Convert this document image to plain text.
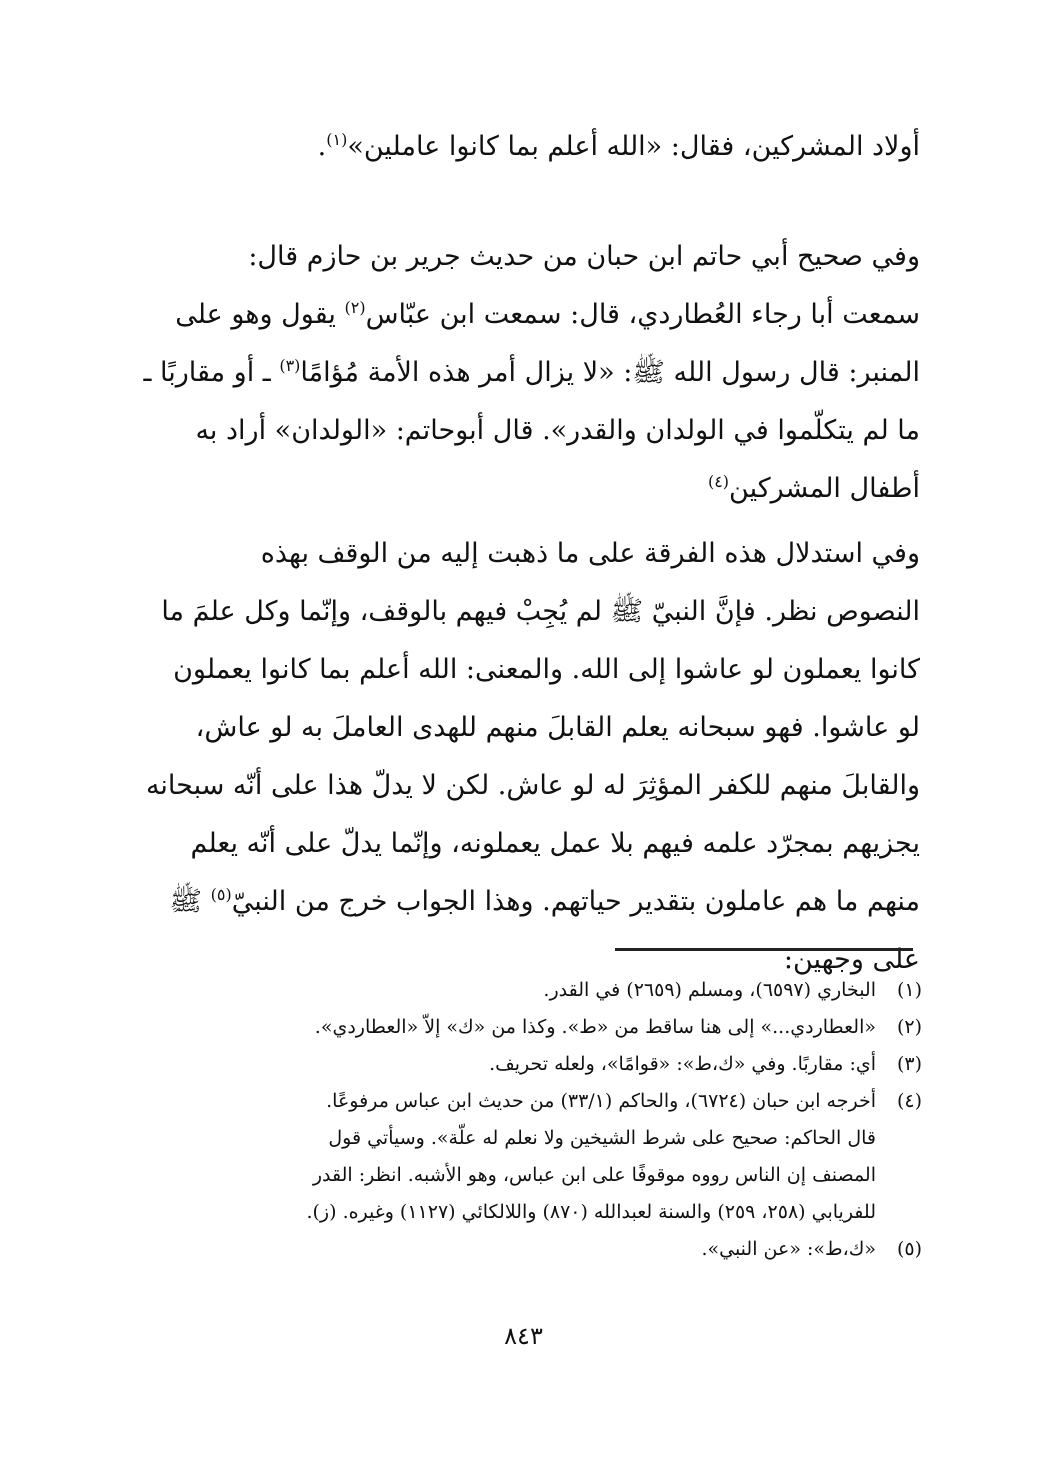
أولاد المشركين، فقال: «الله أعلم بما كانوا عاملين»$^{(١)}$.
وفي صحيح أبي حاتم ابن حبان من حديث جرير بن حازم قال:
سمعت أبا رجاء العُطاردي، قال: سمعت ابن عبّاس$^{(٢)}$ يقول وهو على
المنبر: قال رسول الله ﷺ: «لا يزال أمر هذه الأمة مُؤامًا$^{(٣)}$ ـ أو مقاربًا ـ
ما لم يتكلّموا في الولدان والقدر». قال أبوحاتم: «الولدان» أراد به
أطفال المشركين$^{(٤)}$
وفي استدلال هذه الفرقة على ما ذهبت إليه من الوقف بهذه
النصوص نظر. فإنَّ النبيّ ﷺ لم يُجِبْ فيهم بالوقف، وإنّما وكل علمَ ما
كانوا يعملون لو عاشوا إلى الله. والمعنى: الله أعلم بما كانوا يعملون
لو عاشوا. فهو سبحانه يعلم القابلَ منهم للهدى العاملَ به لو عاش،
والقابلَ منهم للكفر المؤثِرَ له لو عاش. لكن لا يدلّ هذا على أنّه سبحانه
يجزيهم بمجرّد علمه فيهم بلا عمل يعملونه، وإنّما يدلّ على أنّه يعلم
منهم ما هم عاملون بتقدير حياتهم. وهذا الجواب خرج من النبيّ$^{(٥)}$ ﷺ
على وجهين:
(١)
البخاري (٦٥٩٧)، ومسلم (٢٦٥٩) في القدر.
(٢)
«العطاردي...» إلى هنا ساقط من «ط». وكذا من «ك» إلاّ «العطاردي».
(٣)
أي: مقاربًا. وفي «ك،ط»: «قوامًا»، ولعله تحريف.
(٤)
أخرجه ابن حبان (٦٧٢٤)، والحاكم (٣٣/١) من حديث ابن عباس مرفوعًا.
قال الحاكم: صحيح على شرط الشيخين ولا نعلم له علّة». وسيأتي قول
المصنف إن الناس رووه موقوفًا على ابن عباس، وهو الأشبه. انظر: القدر
للفريابي (٢٥٨، ٢٥٩) والسنة لعبدالله (٨٧٠) واللالكائي (١١٢٧) وغيره. (ز).
(٥)
«ك،ط»: «عن النبي».
٨٤٣
